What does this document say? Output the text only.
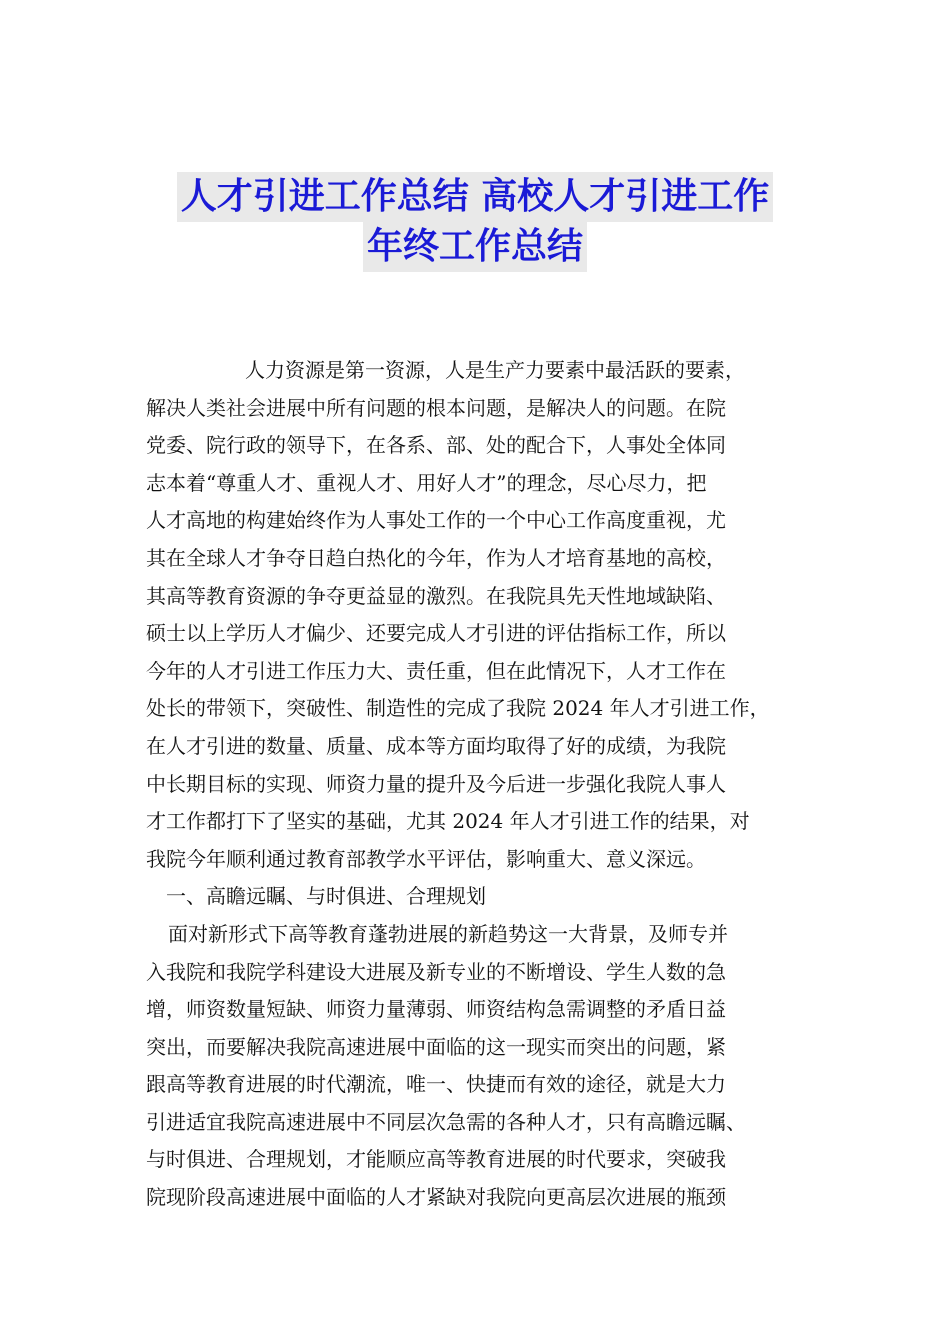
人才引进工作总结 高校人才引进工作
年终工作总结
人力资源是第一资源，人是生产力要素中最活跃的要素，
解决人类社会进展中所有问题的根本问题，是解决人的问题。在院
党委、院行政的领导下，在各系、部、处的配合下，人事处全体同
志本着“尊重人才、重视人才、用好人才”的理念，尽心尽力，把
人才高地的构建始终作为人事处工作的一个中心工作高度重视，尤
其在全球人才争夺日趋白热化的今年，作为人才培育基地的高校，
其高等教育资源的争夺更益显的激烈。在我院具先天性地域缺陷、
硕士以上学历人才偏少、还要完成人才引进的评估指标工作，所以
今年的人才引进工作压力大、责任重，但在此情况下，人才工作在
处长的带领下，突破性、制造性的完成了我院 2024 年人才引进工作，
在人才引进的数量、质量、成本等方面均取得了好的成绩，为我院
中长期目标的实现、师资力量的提升及今后进一步强化我院人事人
才工作都打下了坚实的基础，尤其 2024 年人才引进工作的结果，对
我院今年顺利通过教育部教学水平评估，影响重大、意义深远。
一、高瞻远瞩、与时俱进、合理规划
面对新形式下高等教育蓬勃进展的新趋势这一大背景，及师专并
入我院和我院学科建设大进展及新专业的不断增设、学生人数的急
增，师资数量短缺、师资力量薄弱、师资结构急需调整的矛盾日益
突出，而要解决我院高速进展中面临的这一现实而突出的问题，紧
跟高等教育进展的时代潮流，唯一、快捷而有效的途径，就是大力
引进适宜我院高速进展中不同层次急需的各种人才，只有高瞻远瞩、
与时俱进、合理规划，才能顺应高等教育进展的时代要求，突破我
院现阶段高速进展中面临的人才紧缺对我院向更高层次进展的瓶颈
